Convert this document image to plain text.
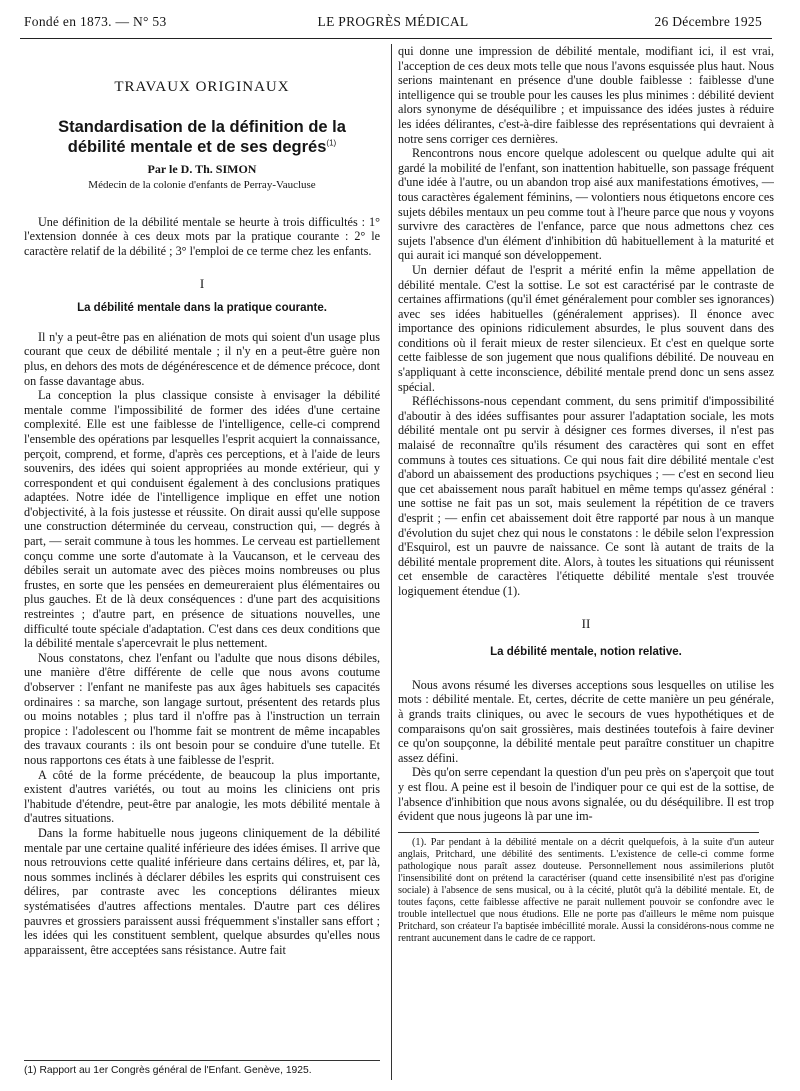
Fondé en 1873. — N° 53	LE PROGRÈS MÉDICAL	26 Décembre 1925
TRAVAUX ORIGINAUX
Standardisation de la définition de la
débilité mentale et de ses degrés$^{(1)}$
Par le D. Th. SIMON
Médecin de la colonie d'enfants de Perray-Vaucluse

Une définition de la débilité mentale se heurte à trois difficultés : 1° l'extension donnée à ces deux mots par la pratique courante : 2° le caractère relatif de la débilité ; 3° l'emploi de ce terme chez les enfants.

I
La débilité mentale dans la pratique courante.

Il n'y a peut-être pas en aliénation de mots qui soient d'un usage plus courant que ceux de débilité mentale ; il n'y en a peut-être guère non plus, en dehors des mots de dégénérescence et de démence précoce, dont on fasse davantage abus.

La conception la plus classique consiste à envisager la débilité mentale comme l'impossibilité de former des idées d'une certaine complexité. Elle est une faiblesse de l'intelligence, celle-ci comprend l'ensemble des opérations par lesquelles l'esprit acquiert la connaissance, perçoit, comprend, et forme, d'après ces perceptions, et à l'aide de leurs souvenirs, des idées qui soient appropriées au monde extérieur, qui y correspondent et qui conduisent également à des conclusions pratiques adaptées. Notre idée de l'intelligence implique en effet une notion d'objectivité, à la fois justesse et réussite. On dirait aussi qu'elle suppose une construction déterminée du cerveau, construction qui, — degrés à part, — serait commune à tous les hommes. Le cerveau est partiellement conçu comme une sorte d'automate à la Vaucanson, et le cerveau des débiles serait un automate avec des pièces moins nombreuses ou plus frustes, en sorte que les pensées en demeureraient plus élémentaires ou plus gauches. Et de là deux conséquences : d'une part des acquisitions restreintes ; d'autre part, en présence de situations nouvelles, une difficulté toute spéciale d'adaptation. C'est dans ces deux conditions que la débilité mentale s'apercevrait le plus nettement.

Nous constatons, chez l'enfant ou l'adulte que nous disons débiles, une manière d'être différente de celle que nous avons coutume d'observer : l'enfant ne manifeste pas aux âges habituels ses capacités ordinaires : sa marche, son langage surtout, présentent des retards plus ou moins notables ; plus tard il n'offre pas à l'instruction un terrain propice : l'adolescent ou l'homme fait se montrent de même incapables des travaux courants : ils ont besoin pour se conduire d'une tutelle. Et nous rapportons ces états à une faiblesse de l'esprit.

A côté de la forme précédente, de beaucoup la plus importante, existent d'autres variétés, ou tout au moins les cliniciens ont pris l'habitude d'étendre, peut-être par analogie, les mots débilité mentale à d'autres situations.

Dans la forme habituelle nous jugeons cliniquement de la débilité mentale par une certaine qualité inférieure des idées émises. Il arrive que nous retrouvions cette qualité inférieure dans certains délires, et, par là, nous sommes inclinés à déclarer débiles les esprits qui construisent ces délires, par contraste avec les conceptions délirantes mieux systématisées d'autres affections mentales. D'autre part ces délires pauvres et grossiers paraissent aussi fréquemment s'installer sans effort ; les idées qui les constituent semblent, quelque absurdes qu'elles nous apparaissent, être acceptées sans résistance. Autre fait

(1) Rapport au 1er Congrès général de l'Enfant. Genève, 1925.

qui donne une impression de débilité mentale, modifiant ici, il est vrai, l'acception de ces deux mots telle que nous l'avons esquissée plus haut. Nous serions maintenant en présence d'une double faiblesse : faiblesse d'une intelligence qui se trouble pour les causes les plus minimes : débilité devient alors synonyme de déséquilibre ; et impuissance des idées justes à réduire les idées délirantes, c'est-à-dire faiblesse des représentations qui devraient à notre sens corriger ces dernières.

Rencontrons nous encore quelque adolescent ou quelque adulte qui ait gardé la mobilité de l'enfant, son inattention habituelle, son passage fréquent d'une idée à l'autre, ou un abandon trop aisé aux manifestations émotives, — tous caractères également féminins, — volontiers nous étiquetons encore ces sujets débiles mentaux un peu comme tout à l'heure parce que nous y voyons survivre des caractères de l'enfance, parce que nous admettons chez ces sujets l'absence d'un élément d'inhibition dû habituellement à la maturité et qui aurait ici manqué son développement.

Un dernier défaut de l'esprit a mérité enfin la même appellation de débilité mentale. C'est la sottise. Le sot est caractérisé par le contraste de certaines affirmations (qu'il émet généralement pour combler ses ignorances) avec ses idées habituelles (généralement apprises). Il énonce avec importance des opinions ridiculement absurdes, le plus souvent dans des conditions où il ferait mieux de rester silencieux. Et c'est en quelque sorte cette faiblesse de son jugement que nous qualifions débilité. De nouveau en s'appliquant à cette inconscience, débilité mentale prend donc un sens assez spécial.

Réfléchissons-nous cependant comment, du sens primitif d'impossibilité d'aboutir à des idées suffisantes pour assurer l'adaptation sociale, les mots débilité mentale ont pu servir à désigner ces formes diverses, il n'est pas malaisé de reconnaître qu'ils résument des caractères qui sont en effet communs à toutes ces situations. Ce qui nous fait dire débilité mentale c'est d'abord un abaissement des productions psychiques ; — c'est en second lieu que cet abaissement nous paraît habituel en même temps qu'assez général : une sottise ne fait pas un sot, mais seulement la répétition de ce travers d'esprit ; — enfin cet abaissement doit être rapporté par nous à un manque d'évolution du sujet chez qui nous le constatons : le débile selon l'expression d'Esquirol, est un pauvre de naissance. Ce sont là autant de traits de la débilité mentale proprement dite. Alors, à toutes les situations qui réunissent cet ensemble de caractères l'étiquette débilité mentale s'est trouvée logiquement étendue (1).

II
La débilité mentale, notion relative.

Nous avons résumé les diverses acceptions sous lesquelles on utilise les mots : débilité mentale. Et, certes, décrite de cette manière un peu générale, à grands traits cliniques, ou avec le secours de vues hypothétiques et de comparaisons qu'on sait grossières, mais destinées toutefois à faire deviner ce qu'on soupçonne, la débilité mentale peut paraître constituer un chapitre assez défini.

Dès qu'on serre cependant la question d'un peu près on s'aperçoit que tout y est flou. A peine est il besoin de l'indiquer pour ce qui est de la sottise, de l'absence d'inhibition que nous avons signalée, ou du déséquilibre. Il est trop évident que nous jugeons là par une im-

(1). Par pendant à la débilité mentale on a décrit quelquefois, à la suite d'un auteur anglais, Pritchard, une débilité des sentiments. L'existence de celle-ci comme forme pathologique nous paraît assez douteuse. Personnellement nous assimilerions plutôt l'insensibilité dont on prétend la caractériser (quand cette insensibilité n'est pas d'origine sociale) à l'absence de sens musical, ou à la cécité, plutôt qu'à la débilité mentale. Et, de toutes façons, cette faiblesse affective ne parait nullement pouvoir se confondre avec le trouble intellectuel que nous étudions. Elle ne porte pas d'ailleurs le même nom puisque Pritchard, son créateur l'a baptisée imbécillité morale. Aussi la considérons-nous comme ne rentrant aucunement dans le cadre de ce rapport.
